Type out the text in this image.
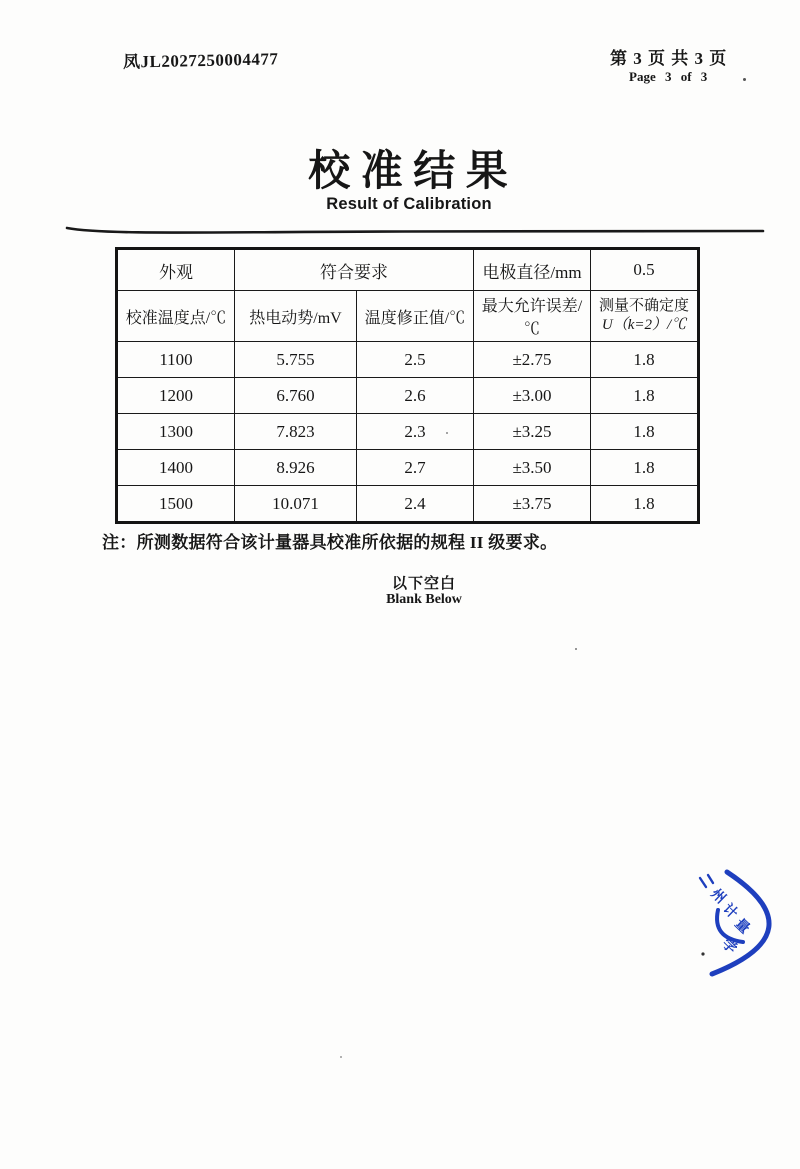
凤JL2027250004477	第 3 页 共 3 页
Page 3 of 3
校 准 结 果
Result of Calibration
外观	符合要求		电极直径/mm	0.5
校准温度点/℃	热电动势/mV	温度修正值/℃	最大允许误差/℃	测量不确定度
U（k=2）/℃

1100	5.755	2.5	±2.75	1.8
1200	6.760	2.6	±3.00	1.8
1300	7.823	2.3	±3.25	1.8
1400	8.926	2.7	±3.50	1.8
1500	10.071	2.4	±3.75	1.8
注：所测数据符合该计量器具校准所依据的规程 II 级要求。
以下空白
Blank Below
州
计
量
学
